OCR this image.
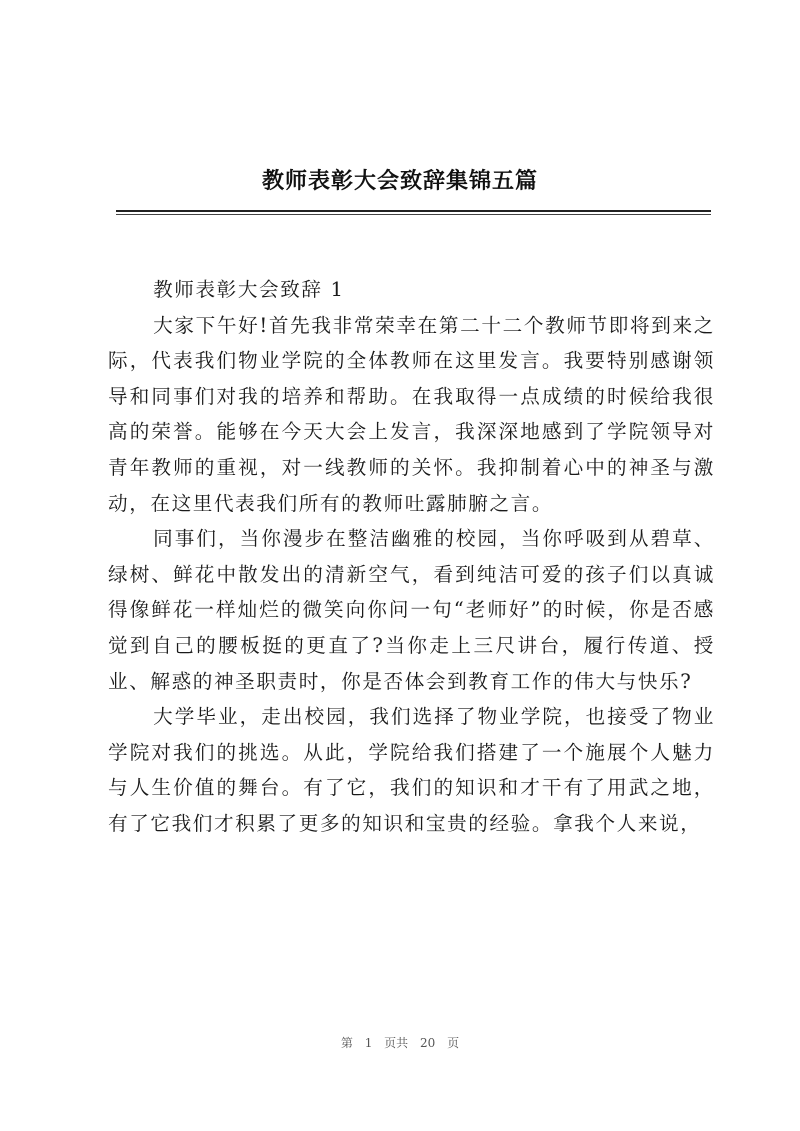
教师表彰大会致辞集锦五篇

教师表彰大会致辞 1

大家下午好!首先我非常荣幸在第二十二个教师节即将到来之际，代表我们物业学院的全体教师在这里发言。我要特别感谢领导和同事们对我的培养和帮助。在我取得一点成绩的时候给我很高的荣誉。能够在今天大会上发言，我深深地感到了学院领导对青年教师的重视，对一线教师的关怀。我抑制着心中的神圣与激动，在这里代表我们所有的教师吐露肺腑之言。

同事们，当你漫步在整洁幽雅的校园，当你呼吸到从碧草、绿树、鲜花中散发出的清新空气，看到纯洁可爱的孩子们以真诚得像鲜花一样灿烂的微笑向你问一句“老师好”的时候，你是否感觉到自己的腰板挺的更直了?当你走上三尺讲台，履行传道、授业、解惑的神圣职责时，你是否体会到教育工作的伟大与快乐?

大学毕业，走出校园，我们选择了物业学院，也接受了物业学院对我们的挑选。从此，学院给我们搭建了一个施展个人魅力与人生价值的舞台。有了它，我们的知识和才干有了用武之地，有了它我们才积累了更多的知识和宝贵的经验。拿我个人来说，

第 1 页共 20 页
